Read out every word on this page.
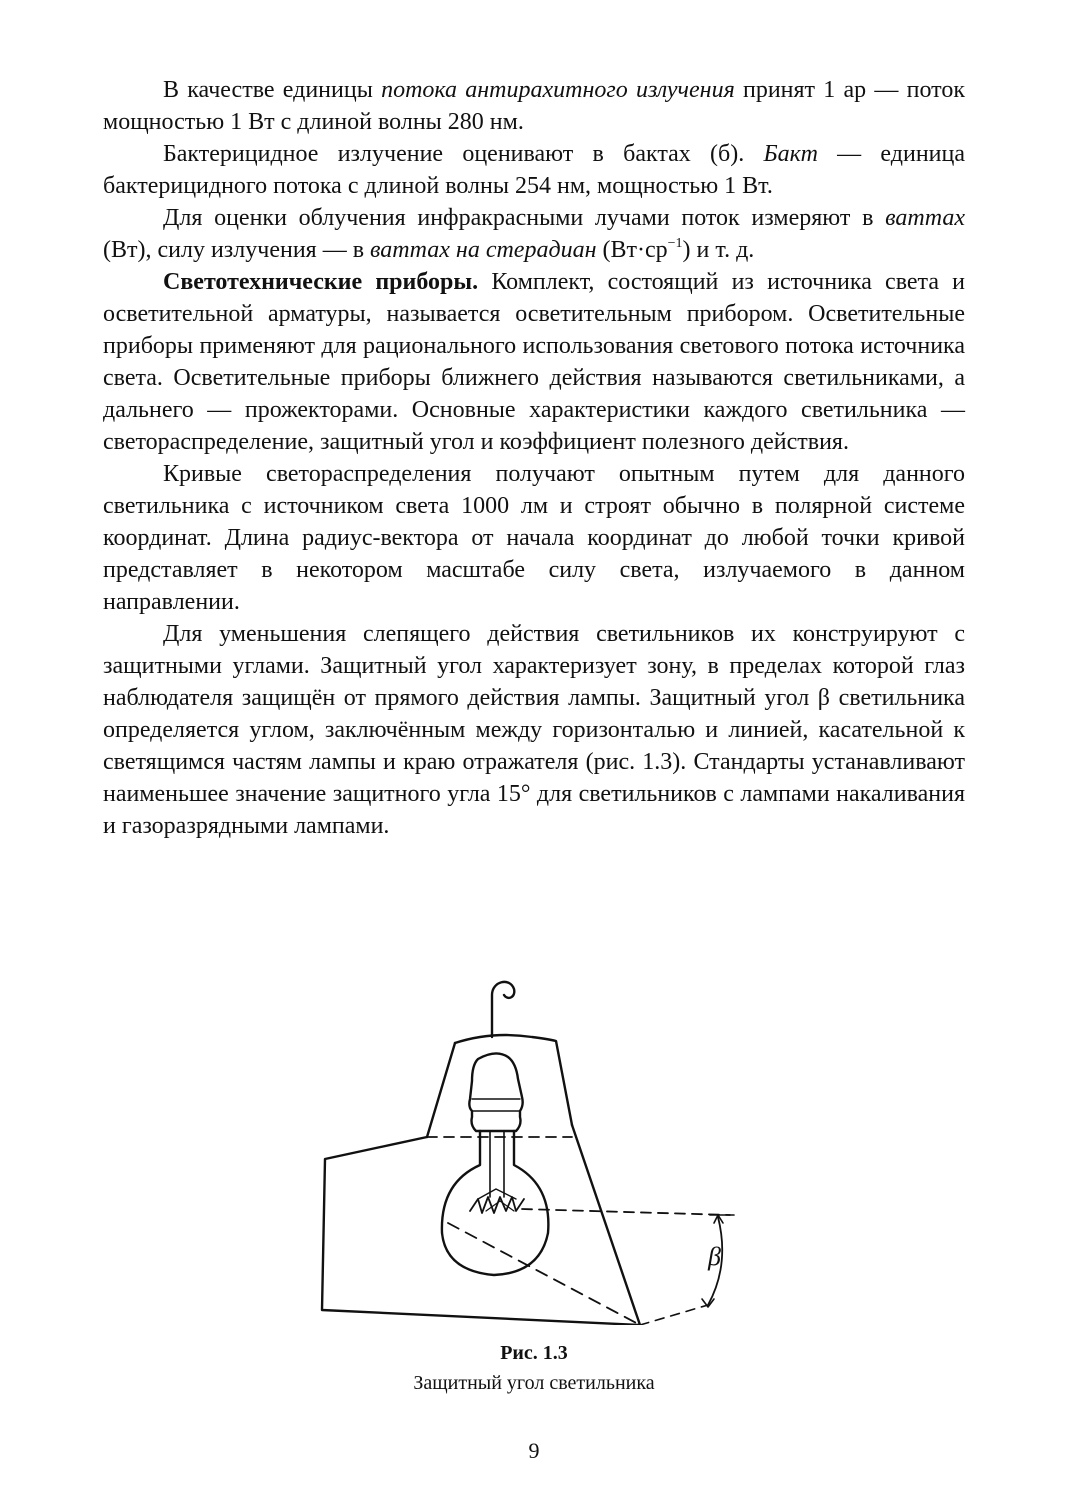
В качестве единицы потока антирахитного излучения принят 1 ар — поток мощностью 1 Вт с длиной волны 280 нм.

Бактерицидное излучение оценивают в бактах (б). Бакт — единица бактерицидного потока с длиной волны 254 нм, мощностью 1 Вт.

Для оценки облучения инфракрасными лучами поток измеряют в ваттах (Вт), силу излучения — в ваттах на стерадиан $(Вт\cdot ср^{-1})$ и т. д.

Светотехнические приборы. Комплект, состоящий из источника света и осветительной арматуры, называется осветительным прибором. Осветительные приборы применяют для рационального использования светового потока источника света. Осветительные приборы ближнего действия называются светильниками, а дальнего — прожекторами. Основные характеристики каждого светильника — светораспределение, защитный угол и коэффициент полезного действия.

Кривые светораспределения получают опытным путем для данного светильника с источником света 1000 лм и строят обычно в полярной системе координат. Длина радиус-вектора от начала координат до любой точки кривой представляет в некотором масштабе силу света, излучаемого в данном направлении.

Для уменьшения слепящего действия светильников их конструируют с защитными углами. Защитный угол характеризует зону, в пределах которой глаз наблюдателя защищён от прямого действия лампы. Защитный угол β светильника определяется углом, заключённым между горизонталью и линией, касательной к светящимся частям лампы и краю отражателя (рис. 1.3). Стандарты устанавливают наименьшее значение защитного угла 15° для светильников с лампами накаливания и газоразрядными лампами.

β
Рис. 1.3
Защитный угол светильника
9
